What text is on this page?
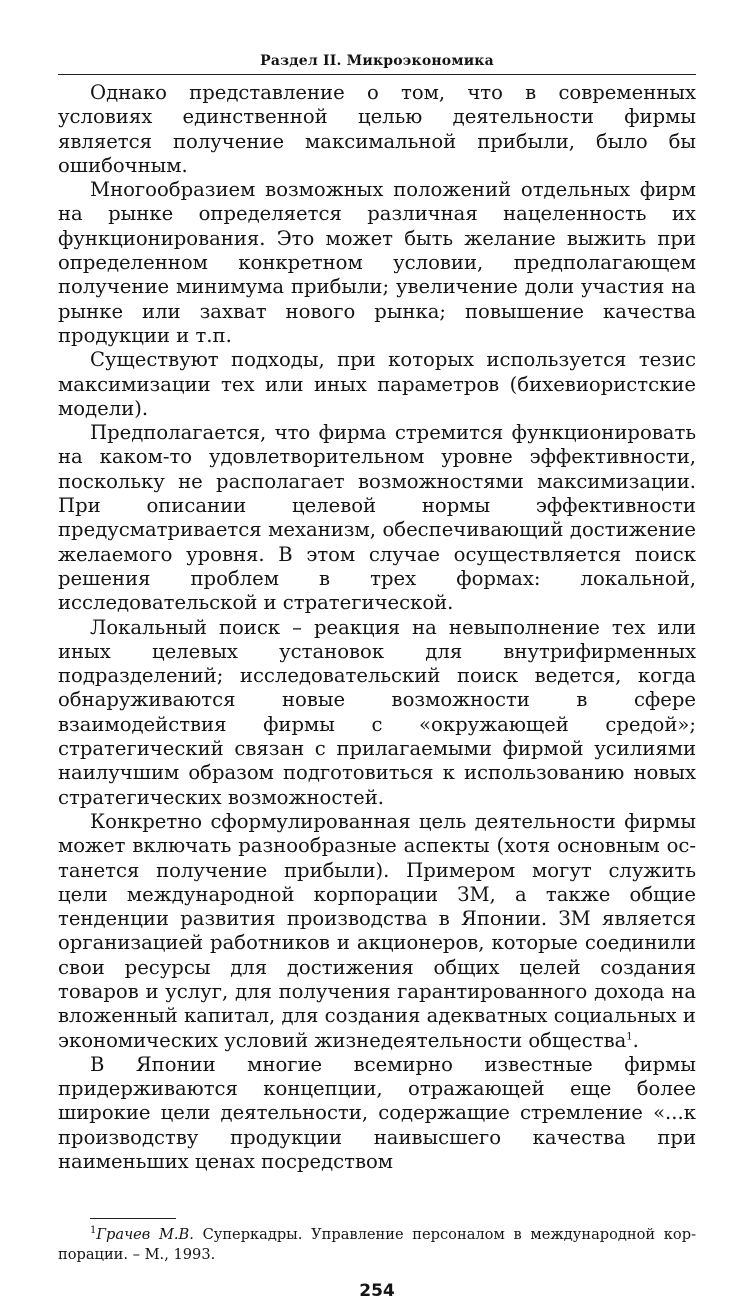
Раздел II. Микроэкономика

Однако представление о том, что в современных условиях единственной целью деятельности фирмы является получение максимальной прибыли, было бы ошибочным.

Многообразием возможных положений отдельных фирм на рынке определяется различная нацеленность их функционирования. Это может быть желание выжить при определенном конкретном условии, предполагающем получение минимума прибыли; увеличение доли участия на рынке или захват нового рынка; повышение качества продукции и т.п.

Существуют подходы, при которых используется тезис максимизации тех или иных параметров (бихевиористские модели).

Предполагается, что фирма стремится функционировать на каком-то удовлетворительном уровне эффективности, поскольку не располагает возможностями максимизации. При описании целевой нормы эффективности предусматривается механизм, обеспечивающий достижение желаемого уровня. В этом случае осуществляется поиск решения проблем в трех формах: локальной, исследовательской и стратегической.

Локальный поиск – реакция на невыполнение тех или иных целевых установок для внутрифирменных подразделений; исследовательский поиск ведется, когда обнаруживаются новые возможности в сфере взаимодействия фирмы с «окружающей средой»; стратегический связан с прилагаемыми фирмой усилиями наилучшим образом подготовиться к использованию новых стратегических возможностей.

Конкретно сформулированная цель деятельности фирмы может включать разнообразные аспекты (хотя основным останется получение прибыли). Примером могут служить цели международной корпорации ЗМ, а также общие тенденции развития производства в Японии. ЗМ является организацией работников и акционеров, которые соединили свои ресурсы для достижения общих целей создания товаров и услуг, для получения гарантированного дохода на вложенный капитал, для создания адекватных социальных и экономических условий жизнедеятельности общества$^1$.

В Японии многие всемирно известные фирмы придерживаются концепции, отражающей еще более широкие цели деятельности, содержащие стремление «...к производству продукции наивысшего качества при наименьших ценах посредством

$^1$Грачев М.В. Суперкадры. Управление персоналом в международной корпорации. – М., 1993.

254
